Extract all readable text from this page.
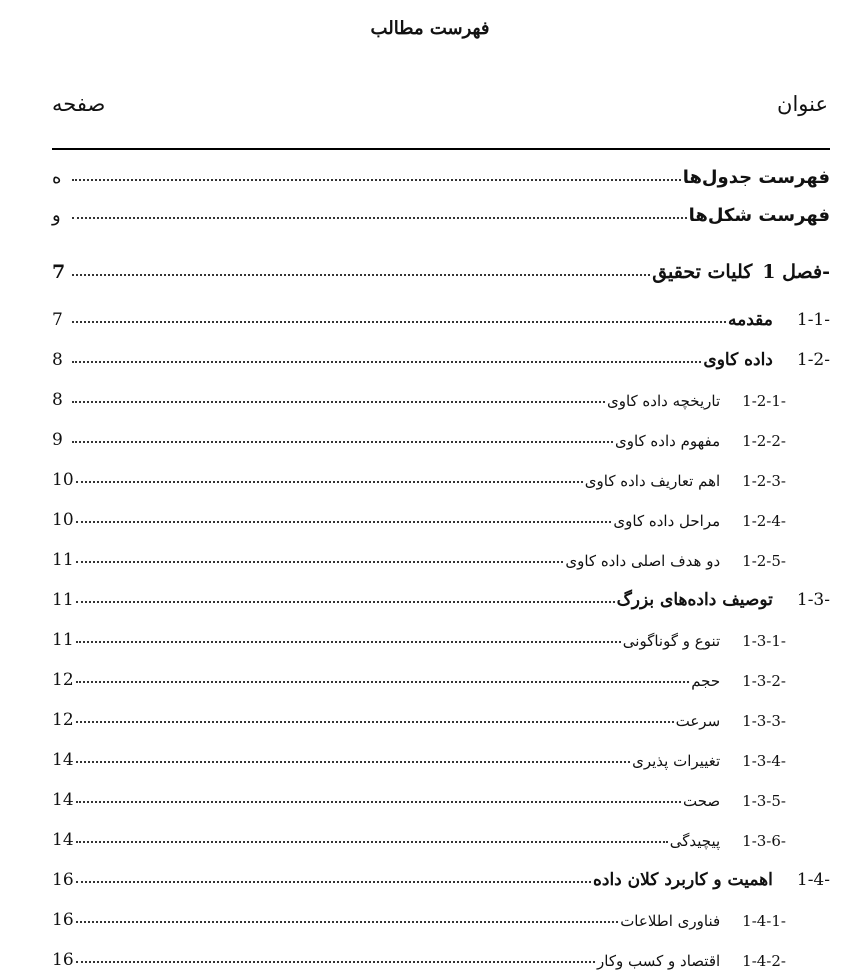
فهرست مطالب
عنوان
صفحه
فهرست جدول‌ها
ه
فهرست شکل‌ها
و
فصل 1-
کلیات تحقیق
7
1-1-
مقدمه
7
1-2-
داده کاوی
8
1-2-1-
تاریخچه داده کاوی
8
1-2-2-
مفهوم داده کاوی
9
1-2-3-
اهم تعاریف داده کاوی
10
1-2-4-
مراحل داده کاوی
10
1-2-5-
دو هدف اصلی داده کاوی
11
1-3-
توصیف داده‌های بزرگ
11
1-3-1-
تنوع و گوناگونی
11
1-3-2-
حجم
12
1-3-3-
سرعت
12
1-3-4-
تغییرات پذیری
14
1-3-5-
صحت
14
1-3-6-
پیچیدگی
14
1-4-
اهمیت و کاربرد کلان داده
16
1-4-1-
فناوری اطلاعات
16
1-4-2-
اقتصاد و کسب وکار
16
